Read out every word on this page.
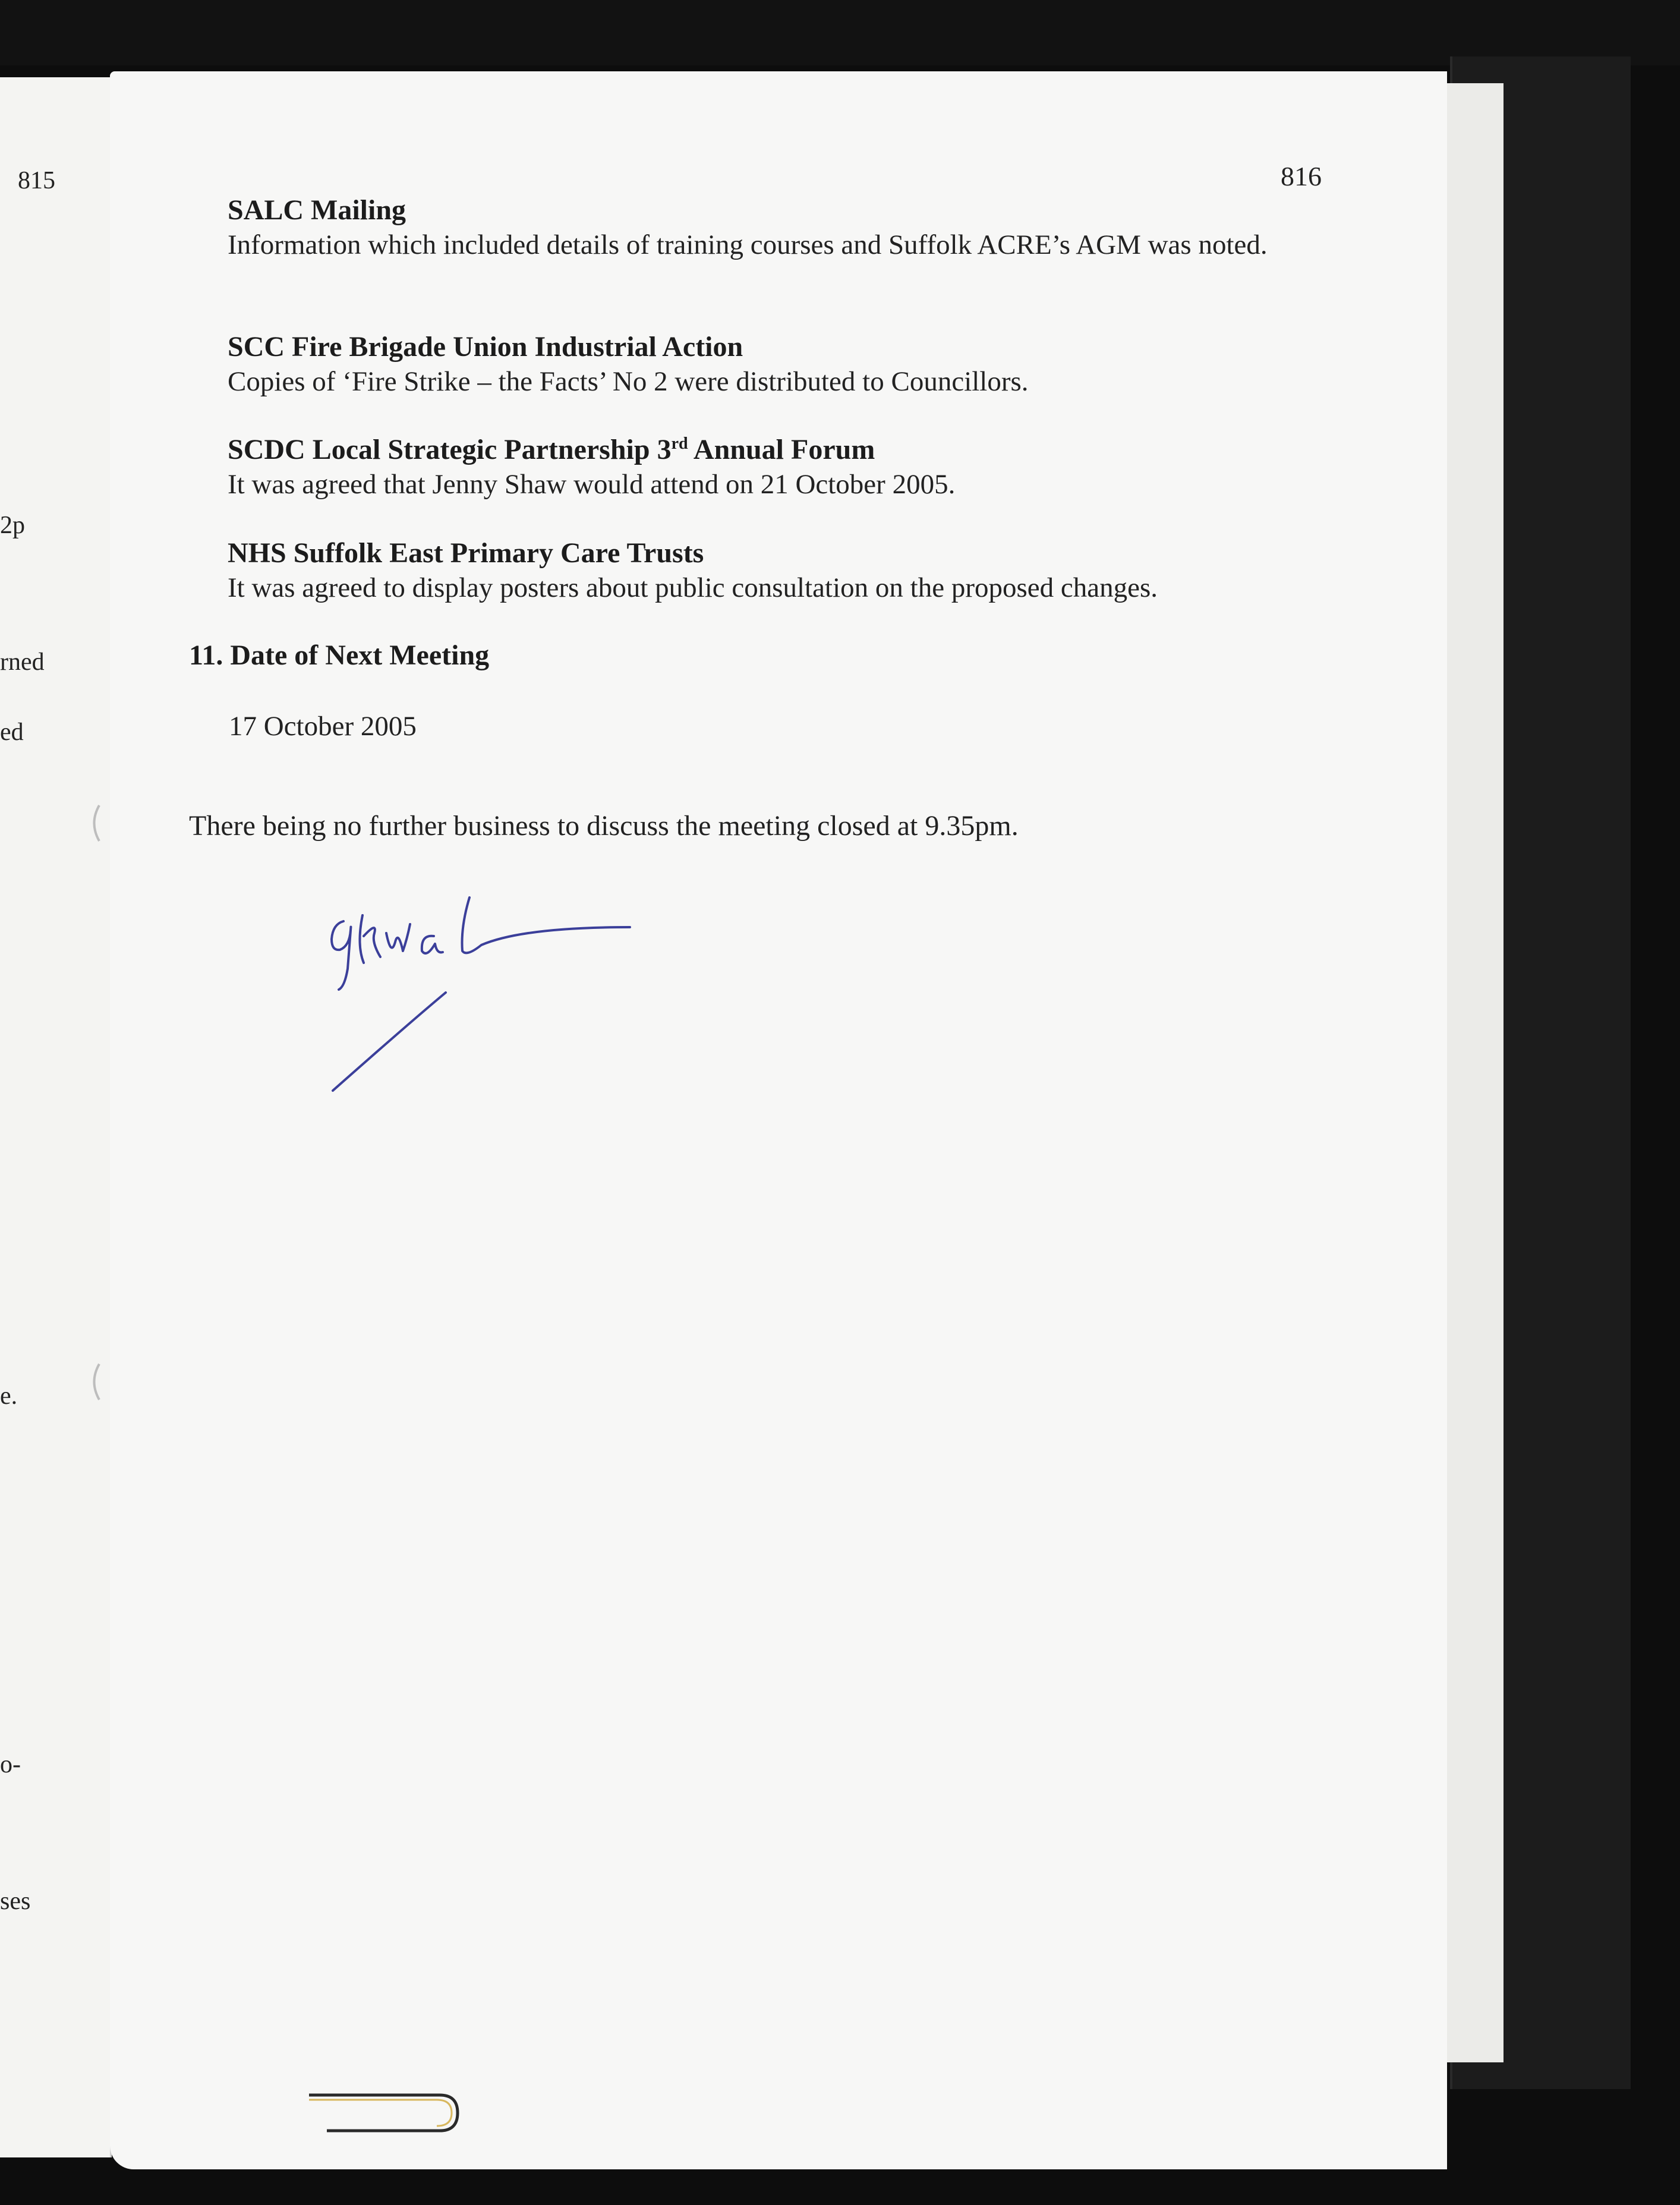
815
2p
rned
ed
e.
o-
ses
816

SALC Mailing

Information which included details of training courses and Suffolk ACRE’s AGM was noted.

SCC Fire Brigade Union Industrial Action

Copies of ‘Fire Strike – the Facts’ No 2 were distributed to Councillors.

SCDC Local Strategic Partnership 3rd Annual Forum

It was agreed that Jenny Shaw would attend on 21 October 2005.

NHS Suffolk East Primary Care Trusts

It was agreed to display posters about public consultation on the proposed changes.

11. Date of Next Meeting
17 October 2005
There being no further business to discuss the meeting closed at 9.35pm.
